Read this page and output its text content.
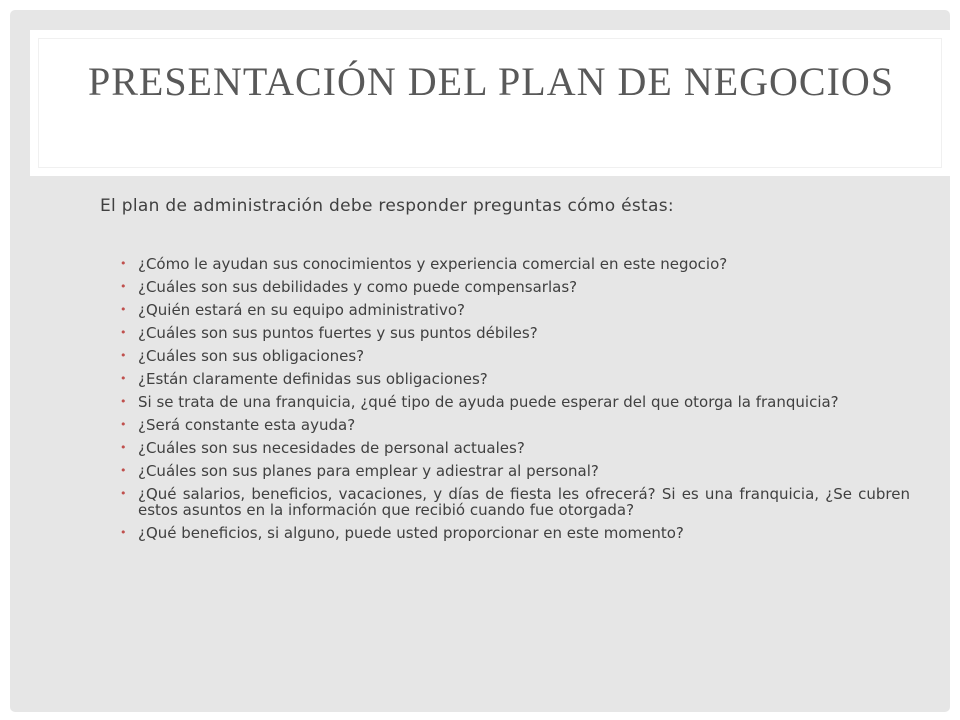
PRESENTACIÓN DEL PLAN DE NEGOCIOS
El plan de administración debe responder preguntas cómo éstas:
• ¿Cómo le ayudan sus conocimientos y experiencia comercial en este negocio?
• ¿Cuáles son sus debilidades y como puede compensarlas?
• ¿Quién estará en su equipo administrativo?
• ¿Cuáles son sus puntos fuertes y sus puntos débiles?
• ¿Cuáles son sus obligaciones?
• ¿Están claramente definidas sus obligaciones?
• Si se trata de una franquicia, ¿qué tipo de ayuda puede esperar del que otorga la franquicia?
• ¿Será constante esta ayuda?
• ¿Cuáles son sus necesidades de personal actuales?
• ¿Cuáles son sus planes para emplear y adiestrar al personal?
• ¿Qué salarios, beneficios, vacaciones, y días de fiesta les ofrecerá? Si es una franquicia, ¿Se cubren estos asuntos en la información que recibió cuando fue otorgada?
• ¿Qué beneficios, si alguno, puede usted proporcionar en este momento?
